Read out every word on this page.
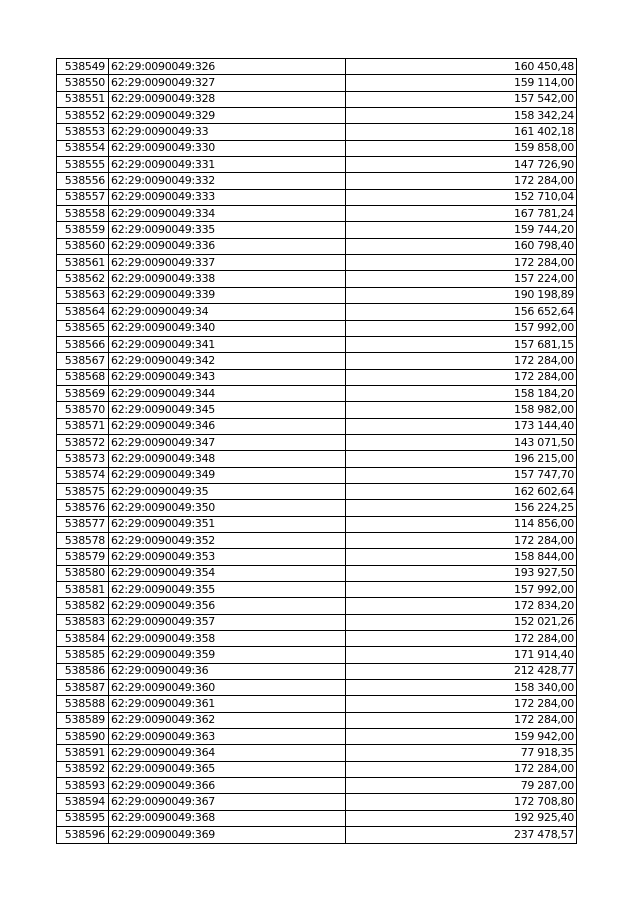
538549	62:29:0090049:326	160 450,48
538550	62:29:0090049:327	159 114,00
538551	62:29:0090049:328	157 542,00
538552	62:29:0090049:329	158 342,24
538553	62:29:0090049:33	161 402,18
538554	62:29:0090049:330	159 858,00
538555	62:29:0090049:331	147 726,90
538556	62:29:0090049:332	172 284,00
538557	62:29:0090049:333	152 710,04
538558	62:29:0090049:334	167 781,24
538559	62:29:0090049:335	159 744,20
538560	62:29:0090049:336	160 798,40
538561	62:29:0090049:337	172 284,00
538562	62:29:0090049:338	157 224,00
538563	62:29:0090049:339	190 198,89
538564	62:29:0090049:34	156 652,64
538565	62:29:0090049:340	157 992,00
538566	62:29:0090049:341	157 681,15
538567	62:29:0090049:342	172 284,00
538568	62:29:0090049:343	172 284,00
538569	62:29:0090049:344	158 184,20
538570	62:29:0090049:345	158 982,00
538571	62:29:0090049:346	173 144,40
538572	62:29:0090049:347	143 071,50
538573	62:29:0090049:348	196 215,00
538574	62:29:0090049:349	157 747,70
538575	62:29:0090049:35	162 602,64
538576	62:29:0090049:350	156 224,25
538577	62:29:0090049:351	114 856,00
538578	62:29:0090049:352	172 284,00
538579	62:29:0090049:353	158 844,00
538580	62:29:0090049:354	193 927,50
538581	62:29:0090049:355	157 992,00
538582	62:29:0090049:356	172 834,20
538583	62:29:0090049:357	152 021,26
538584	62:29:0090049:358	172 284,00
538585	62:29:0090049:359	171 914,40
538586	62:29:0090049:36	212 428,77
538587	62:29:0090049:360	158 340,00
538588	62:29:0090049:361	172 284,00
538589	62:29:0090049:362	172 284,00
538590	62:29:0090049:363	159 942,00
538591	62:29:0090049:364	77 918,35
538592	62:29:0090049:365	172 284,00
538593	62:29:0090049:366	79 287,00
538594	62:29:0090049:367	172 708,80
538595	62:29:0090049:368	192 925,40
538596	62:29:0090049:369	237 478,57
